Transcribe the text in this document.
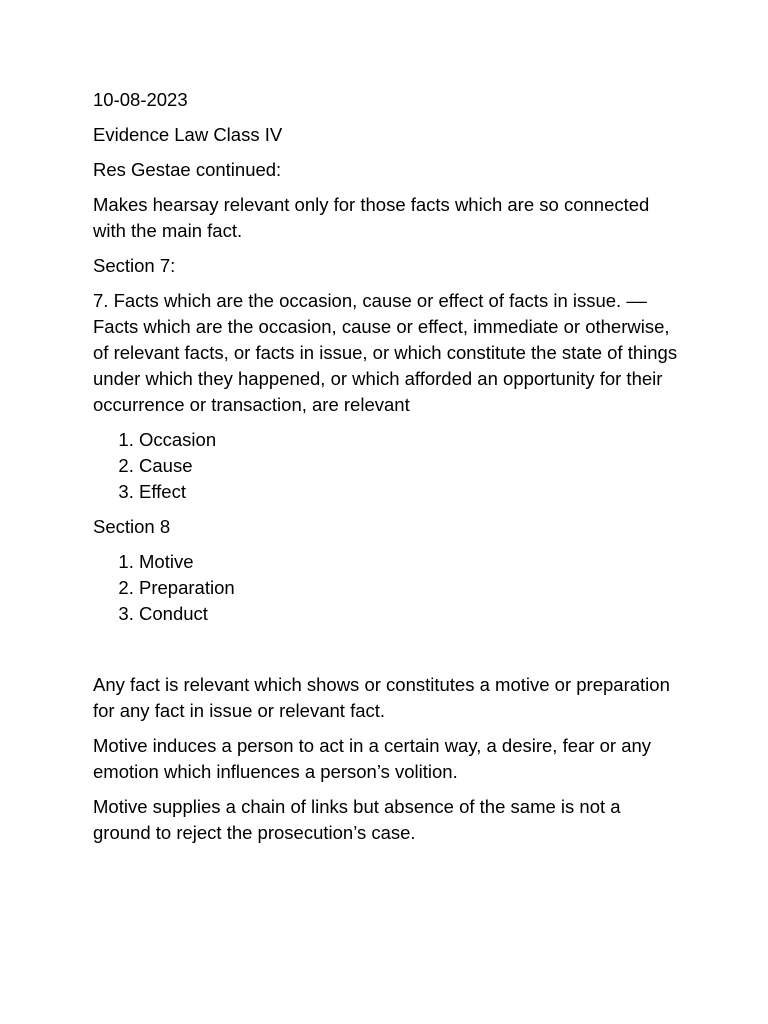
10-08-2023

Evidence Law Class IV

Res Gestae continued:

Makes hearsay relevant only for those facts which are so connected with the main fact.

Section 7:

7. Facts which are the occasion, cause or effect of facts in issue. –– Facts which are the occasion, cause or effect, immediate or otherwise, of relevant facts, or facts in issue, or which constitute the state of things under which they happened, or which afforded an opportunity for their occurrence or transaction, are relevant

1. Occasion
2. Cause
3. Effect

Section 8

1. Motive
2. Preparation
3. Conduct

Any fact is relevant which shows or constitutes a motive or preparation for any fact in issue or relevant fact.

Motive induces a person to act in a certain way, a desire, fear or any emotion which influences a person’s volition.

Motive supplies a chain of links but absence of the same is not a ground to reject the prosecution’s case.
